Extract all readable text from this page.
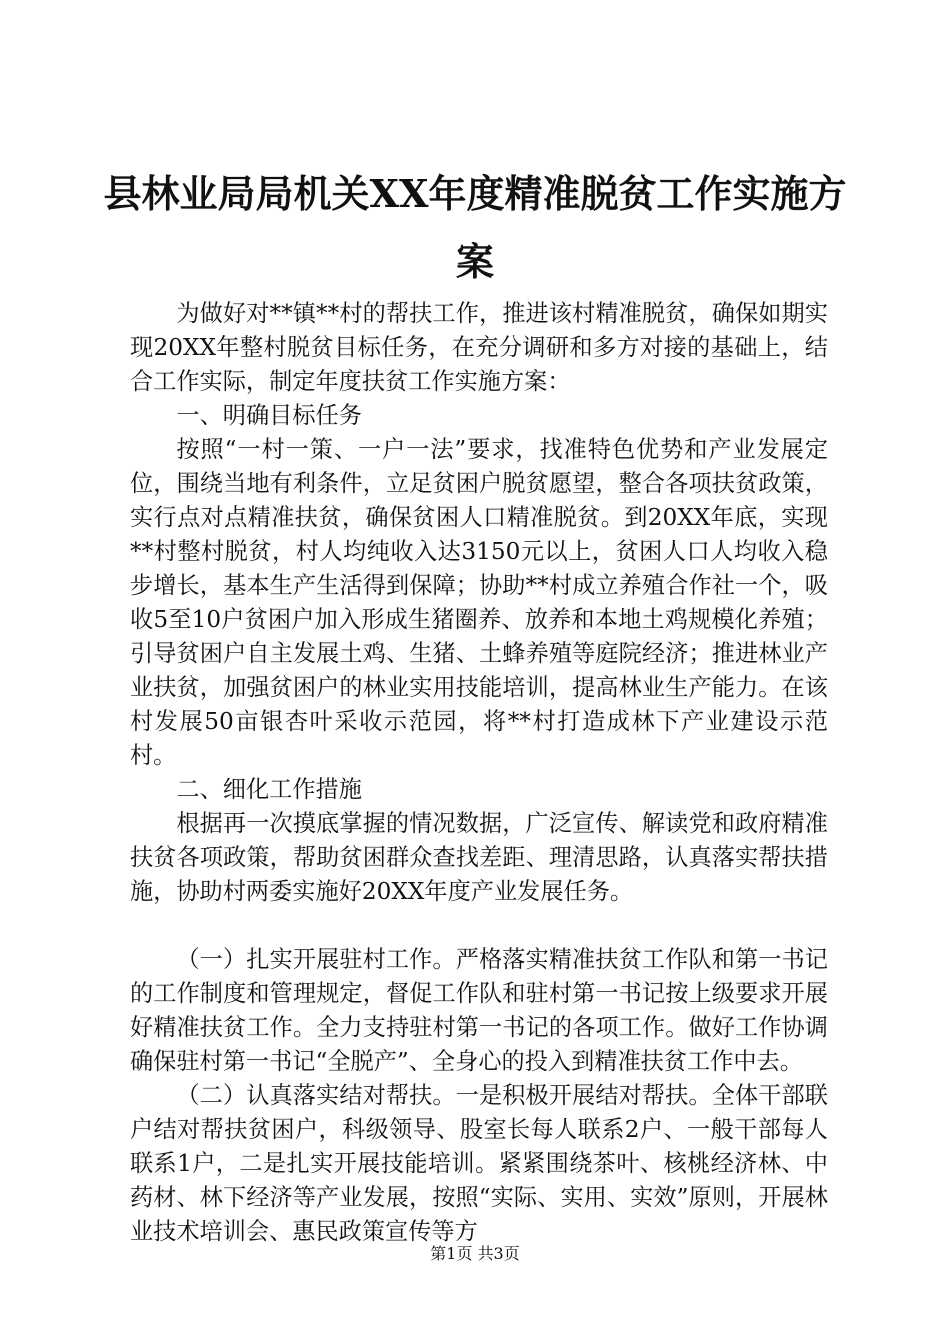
县林业局局机关XX年度精准脱贫工作实施方案

为做好对**镇**村的帮扶工作，推进该村精准脱贫，确保如期实现20XX年整村脱贫目标任务，在充分调研和多方对接的基础上，结合工作实际，制定年度扶贫工作实施方案：

一、明确目标任务

按照“一村一策、一户一法”要求，找准特色优势和产业发展定位，围绕当地有利条件，立足贫困户脱贫愿望，整合各项扶贫政策，实行点对点精准扶贫，确保贫困人口精准脱贫。到20XX年底，实现**村整村脱贫，村人均纯收入达3150元以上，贫困人口人均收入稳步增长，基本生产生活得到保障；协助**村成立养殖合作社一个，吸收5至10户贫困户加入形成生猪圈养、放养和本地土鸡规模化养殖；引导贫困户自主发展土鸡、生猪、土蜂养殖等庭院经济；推进林业产业扶贫，加强贫困户的林业实用技能培训，提高林业生产能力。在该村发展50亩银杏叶采收示范园，将**村打造成林下产业建设示范村。

二、细化工作措施

根据再一次摸底掌握的情况数据，广泛宣传、解读党和政府精准扶贫各项政策，帮助贫困群众查找差距、理清思路，认真落实帮扶措施，协助村两委实施好20XX年度产业发展任务。

（一）扎实开展驻村工作。严格落实精准扶贫工作队和第一书记的工作制度和管理规定，督促工作队和驻村第一书记按上级要求开展好精准扶贫工作。全力支持驻村第一书记的各项工作。做好工作协调确保驻村第一书记“全脱产”、全身心的投入到精准扶贫工作中去。

（二）认真落实结对帮扶。一是积极开展结对帮扶。全体干部联户结对帮扶贫困户，科级领导、股室长每人联系2户、一般干部每人联系1户，二是扎实开展技能培训。紧紧围绕茶叶、核桃经济林、中药材、林下经济等产业发展，按照“实际、实用、实效”原则，开展林业技术培训会、惠民政策宣传等方

第1页 共3页
